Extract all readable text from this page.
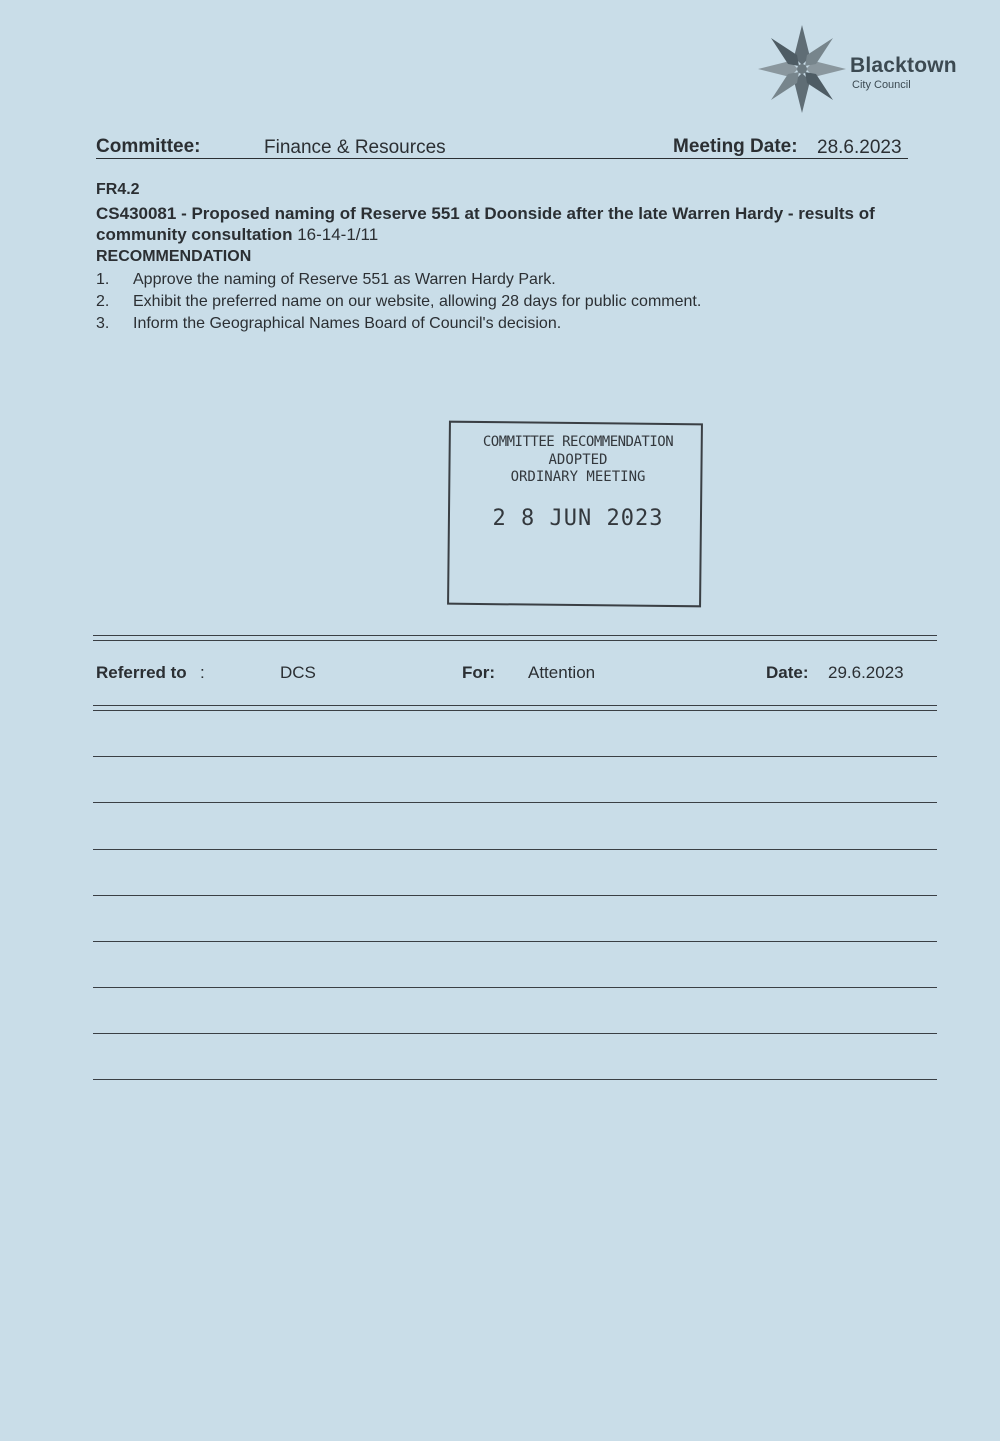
Blacktown
City Council
Committee:	Finance & Resources	Meeting Date: 28.6.2023
FR4.2
CS430081 - Proposed naming of Reserve 551 at Doonside after the late Warren Hardy - results of community consultation 16-14-1/11
RECOMMENDATION
1. Approve the naming of Reserve 551 as Warren Hardy Park.
2. Exhibit the preferred name on our website, allowing 28 days for public comment.
3. Inform the Geographical Names Board of Council's decision.
COMMITTEE RECOMMENDATION
ADOPTED
ORDINARY MEETING
2 8 JUN 2023
Referred to :	DCS	For: Attention	Date: 29.6.2023
